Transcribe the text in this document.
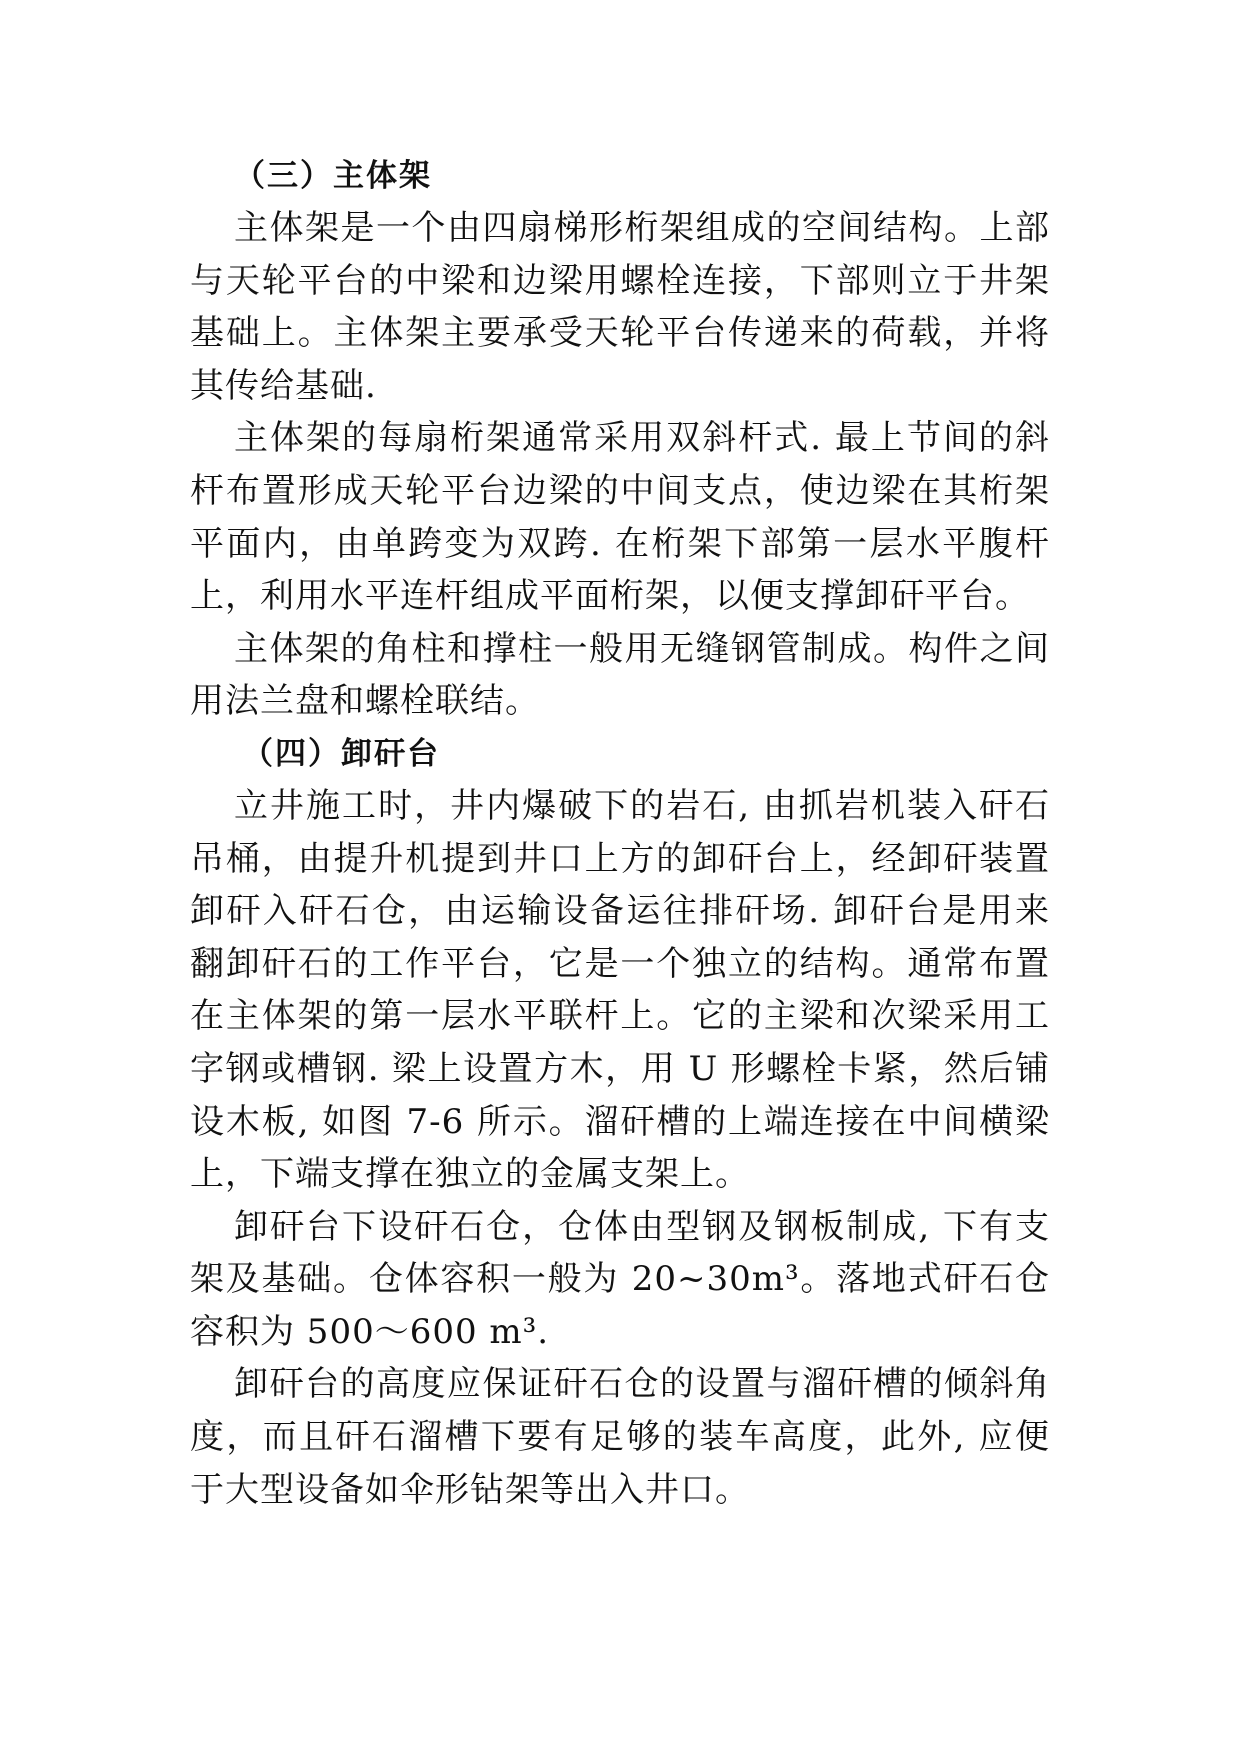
（三）主体架

主体架是一个由四扇梯形桁架组成的空间结构。上部与天轮平台的中梁和边梁用螺栓连接，下部则立于井架基础上。主体架主要承受天轮平台传递来的荷载，并将其传给基础.

主体架的每扇桁架通常采用双斜杆式. 最上节间的斜杆布置形成天轮平台边梁的中间支点，使边梁在其桁架平面内，由单跨变为双跨. 在桁架下部第一层水平腹杆上，利用水平连杆组成平面桁架，以便支撑卸矸平台。

主体架的角柱和撑柱一般用无缝钢管制成。构件之间用法兰盘和螺栓联结。

（四）卸矸台

立井施工时，井内爆破下的岩石, 由抓岩机装入矸石吊桶，由提升机提到井口上方的卸矸台上，经卸矸装置卸矸入矸石仓，由运输设备运往排矸场. 卸矸台是用来翻卸矸石的工作平台，它是一个独立的结构。通常布置在主体架的第一层水平联杆上。它的主梁和次梁采用工字钢或槽钢. 梁上设置方木，用 U 形螺栓卡紧，然后铺设木板, 如图 7-6 所示。溜矸槽的上端连接在中间横梁上，下端支撑在独立的金属支架上。

卸矸台下设矸石仓，仓体由型钢及钢板制成, 下有支架及基础。仓体容积一般为 20~30m³。落地式矸石仓容积为 500～600 m³.

卸矸台的高度应保证矸石仓的设置与溜矸槽的倾斜角度，而且矸石溜槽下要有足够的装车高度，此外, 应便于大型设备如伞形钻架等出入井口。
